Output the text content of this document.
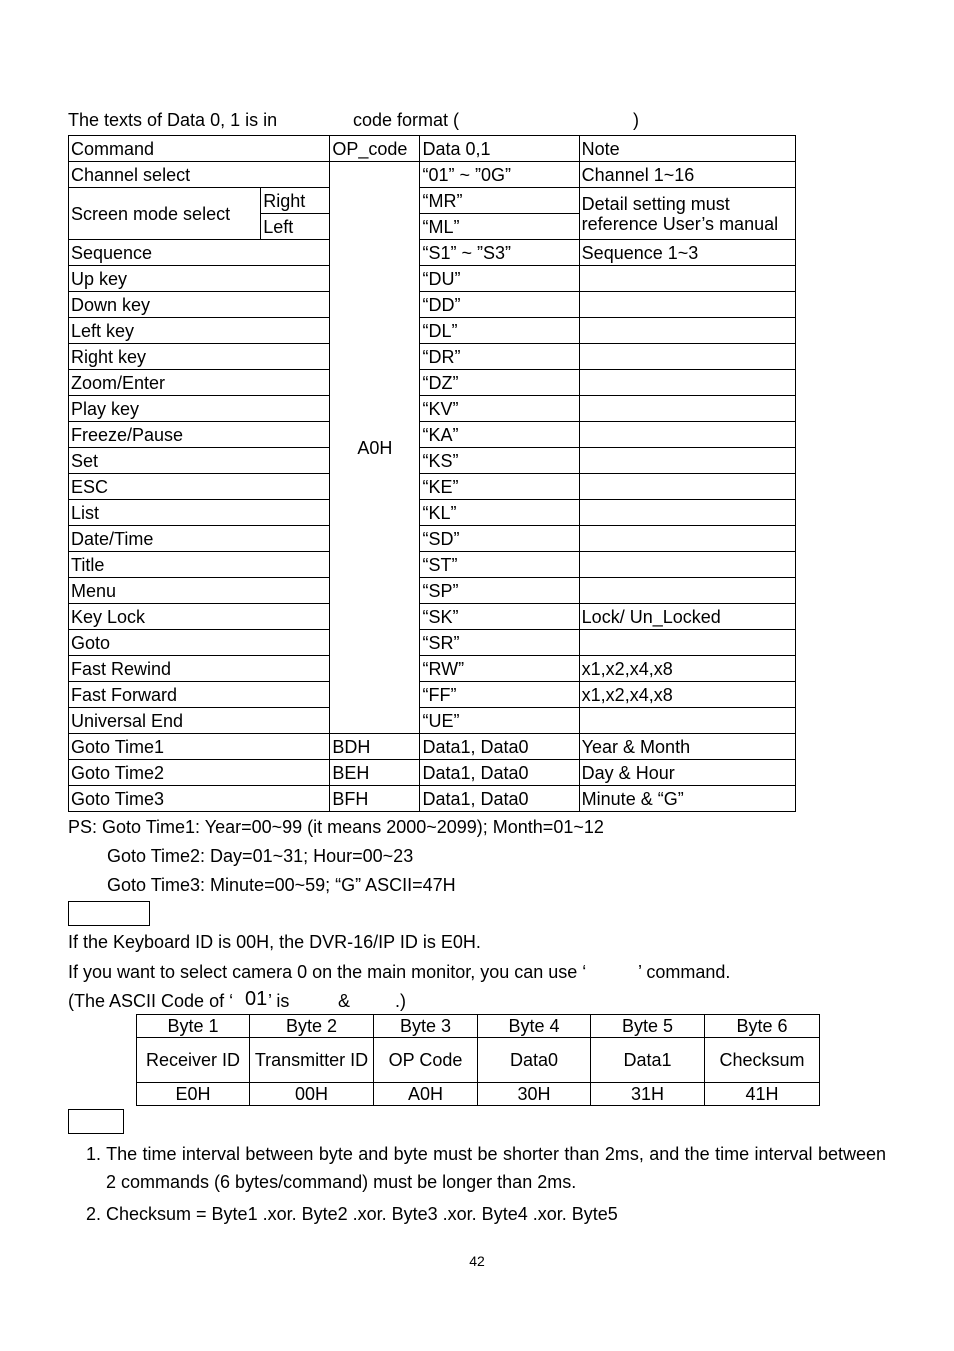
The texts of Data 0, 1 is in	code format (	)
Command		OP_code	Data 0,1	Note
Channel select		A0H	“01” ~ ”0G”	Channel 1~16
Screen mode select	Right		“MR”	Detail setting must reference User’s manual
	Left		“ML”	
Sequence			“S1” ~ ”S3”	Sequence 1~3
Up key			“DU”	
Down key			“DD”	
Left key			“DL”	
Right key			“DR”	
Zoom/Enter			“DZ”	
Play key			“KV”	
Freeze/Pause			“KA”	
Set			“KS”	
ESC			“KE”	
List			“KL”	
Date/Time			“SD”	
Title			“ST”	
Menu			“SP”	
Key Lock			“SK”	Lock/ Un_Locked
Goto			“SR”	
Fast Rewind			“RW”	x1,x2,x4,x8
Fast Forward			“FF”	x1,x2,x4,x8
Universal End			“UE”	
Goto Time1		BDH	Data1, Data0	Year & Month
Goto Time2		BEH	Data1, Data0	Day & Hour
Goto Time3		BFH	Data1, Data0	Minute & “G”
PS: Goto Time1: Year=00~99 (it means 2000~2099); Month=01~12
Goto Time2: Day=01~31; Hour=00~23
Goto Time3: Minute=00~59; “G” ASCII=47H
If the Keyboard ID is 00H, the DVR-16/IP ID is E0H.
If you want to select camera 0 on the main monitor, you can use ‘	’ command.
(The ASCII Code of ‘ 01 ’ is	& .)
Byte 1	Byte 2	Byte 3	Byte 4	Byte 5	Byte 6
Receiver ID	Transmitter ID	OP Code	Data0	Data1	Checksum
E0H	00H	A0H	30H	31H	41H
1. The time interval between byte and byte must be shorter than 2ms, and the time interval between 2 commands (6 bytes/command) must be longer than 2ms.
2. Checksum = Byte1 .xor. Byte2 .xor. Byte3 .xor. Byte4 .xor. Byte5
42
